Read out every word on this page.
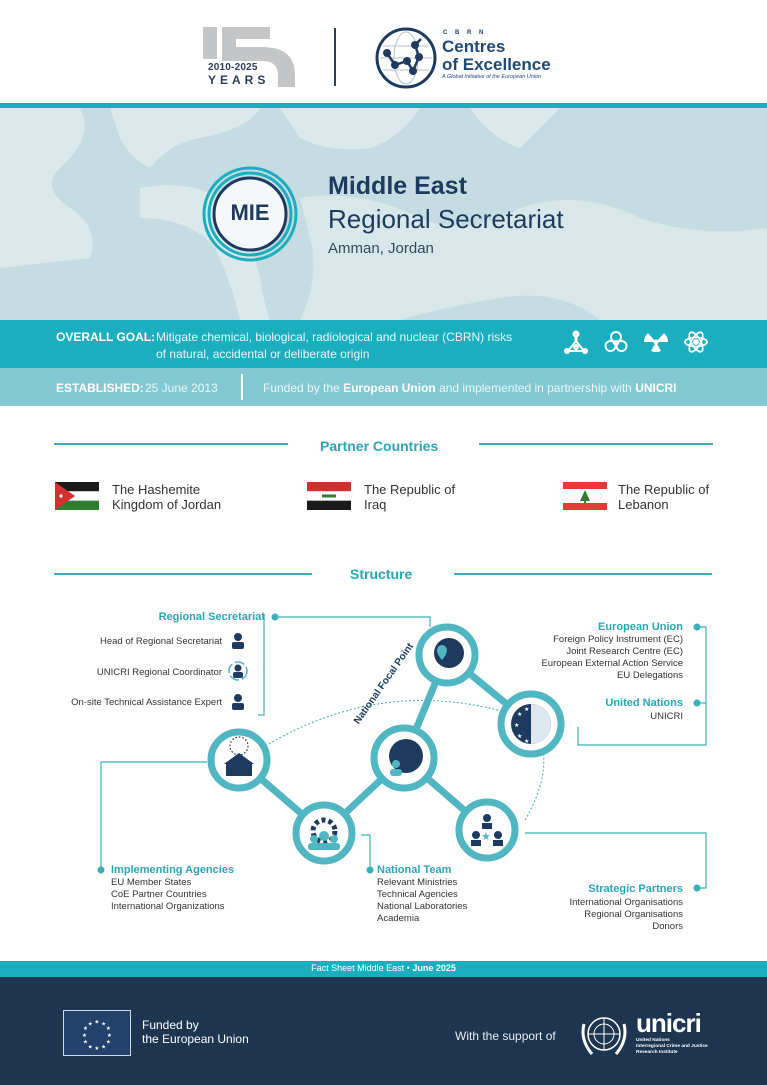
2010-2025
YEARS
C B R N
Centres
of Excellence
A Global Initiative of the European Union
MIE
Middle East
Regional Secretariat
Amman, Jordan
OVERALL GOAL: Mitigate chemical, biological, radiological and nuclear (CBRN) risks
of natural, accidental or deliberate origin
ESTABLISHED: 25 June 2013	Funded by the European Union and implemented in partnership with UNICRI
Partner Countries
The Hashemite
Kingdom of Jordan
The Republic of
Iraq
The Republic of
Lebanon
Structure
★
★
★
★
★
★
National Focal Point
Regional Secretariat
Head of Regional Secretariat
UNICRI Regional Coordinator
On-site Technical Assistance Expert
European Union
Foreign Policy Instrument (EC)
Joint Research Centre (EC)
European External Action Service
EU Delegations
United Nations
UNICRI
Implementing Agencies
EU Member States
CoE Partner Countries
International Organizations
National Team
Relevant Ministries
Technical Agencies
National Laboratories
Academia
Strategic Partners
International Organisations
Regional Organisations
Donors
Fact Sheet Middle East • June 2025
★ ★
★
★
★
★
★
★
★
★
★
★	Funded by
the European Union	With the support of	unicri
United Nations
Interregional Crime and Justice
Research Institute
